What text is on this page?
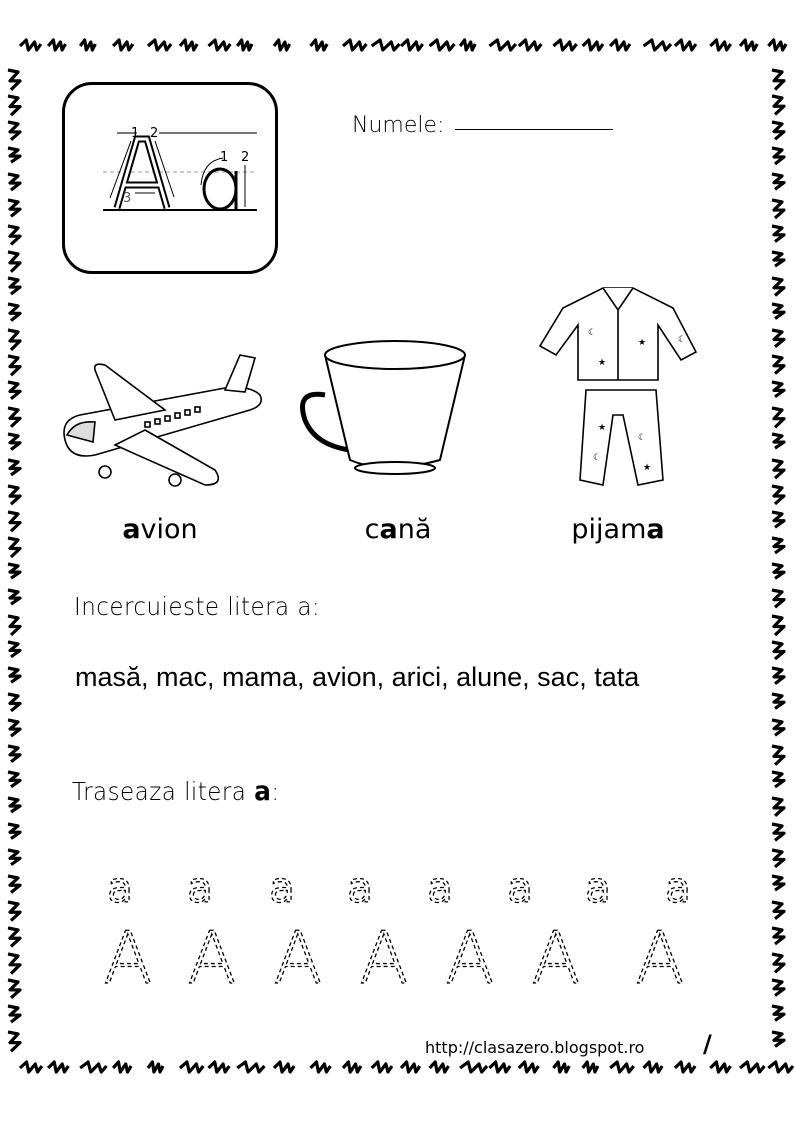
1 2
3
1 2
Numele:
☾
★
★
☾
★
☾
☾
★
avion	cană	pijama
Incercuieste litera a:
masă, mac, mama, avion, arici, alune, sac, tata
Traseaza litera a:
a a a a a a a a
A A A A A A A
http://clasazero.blogspot.ro /
